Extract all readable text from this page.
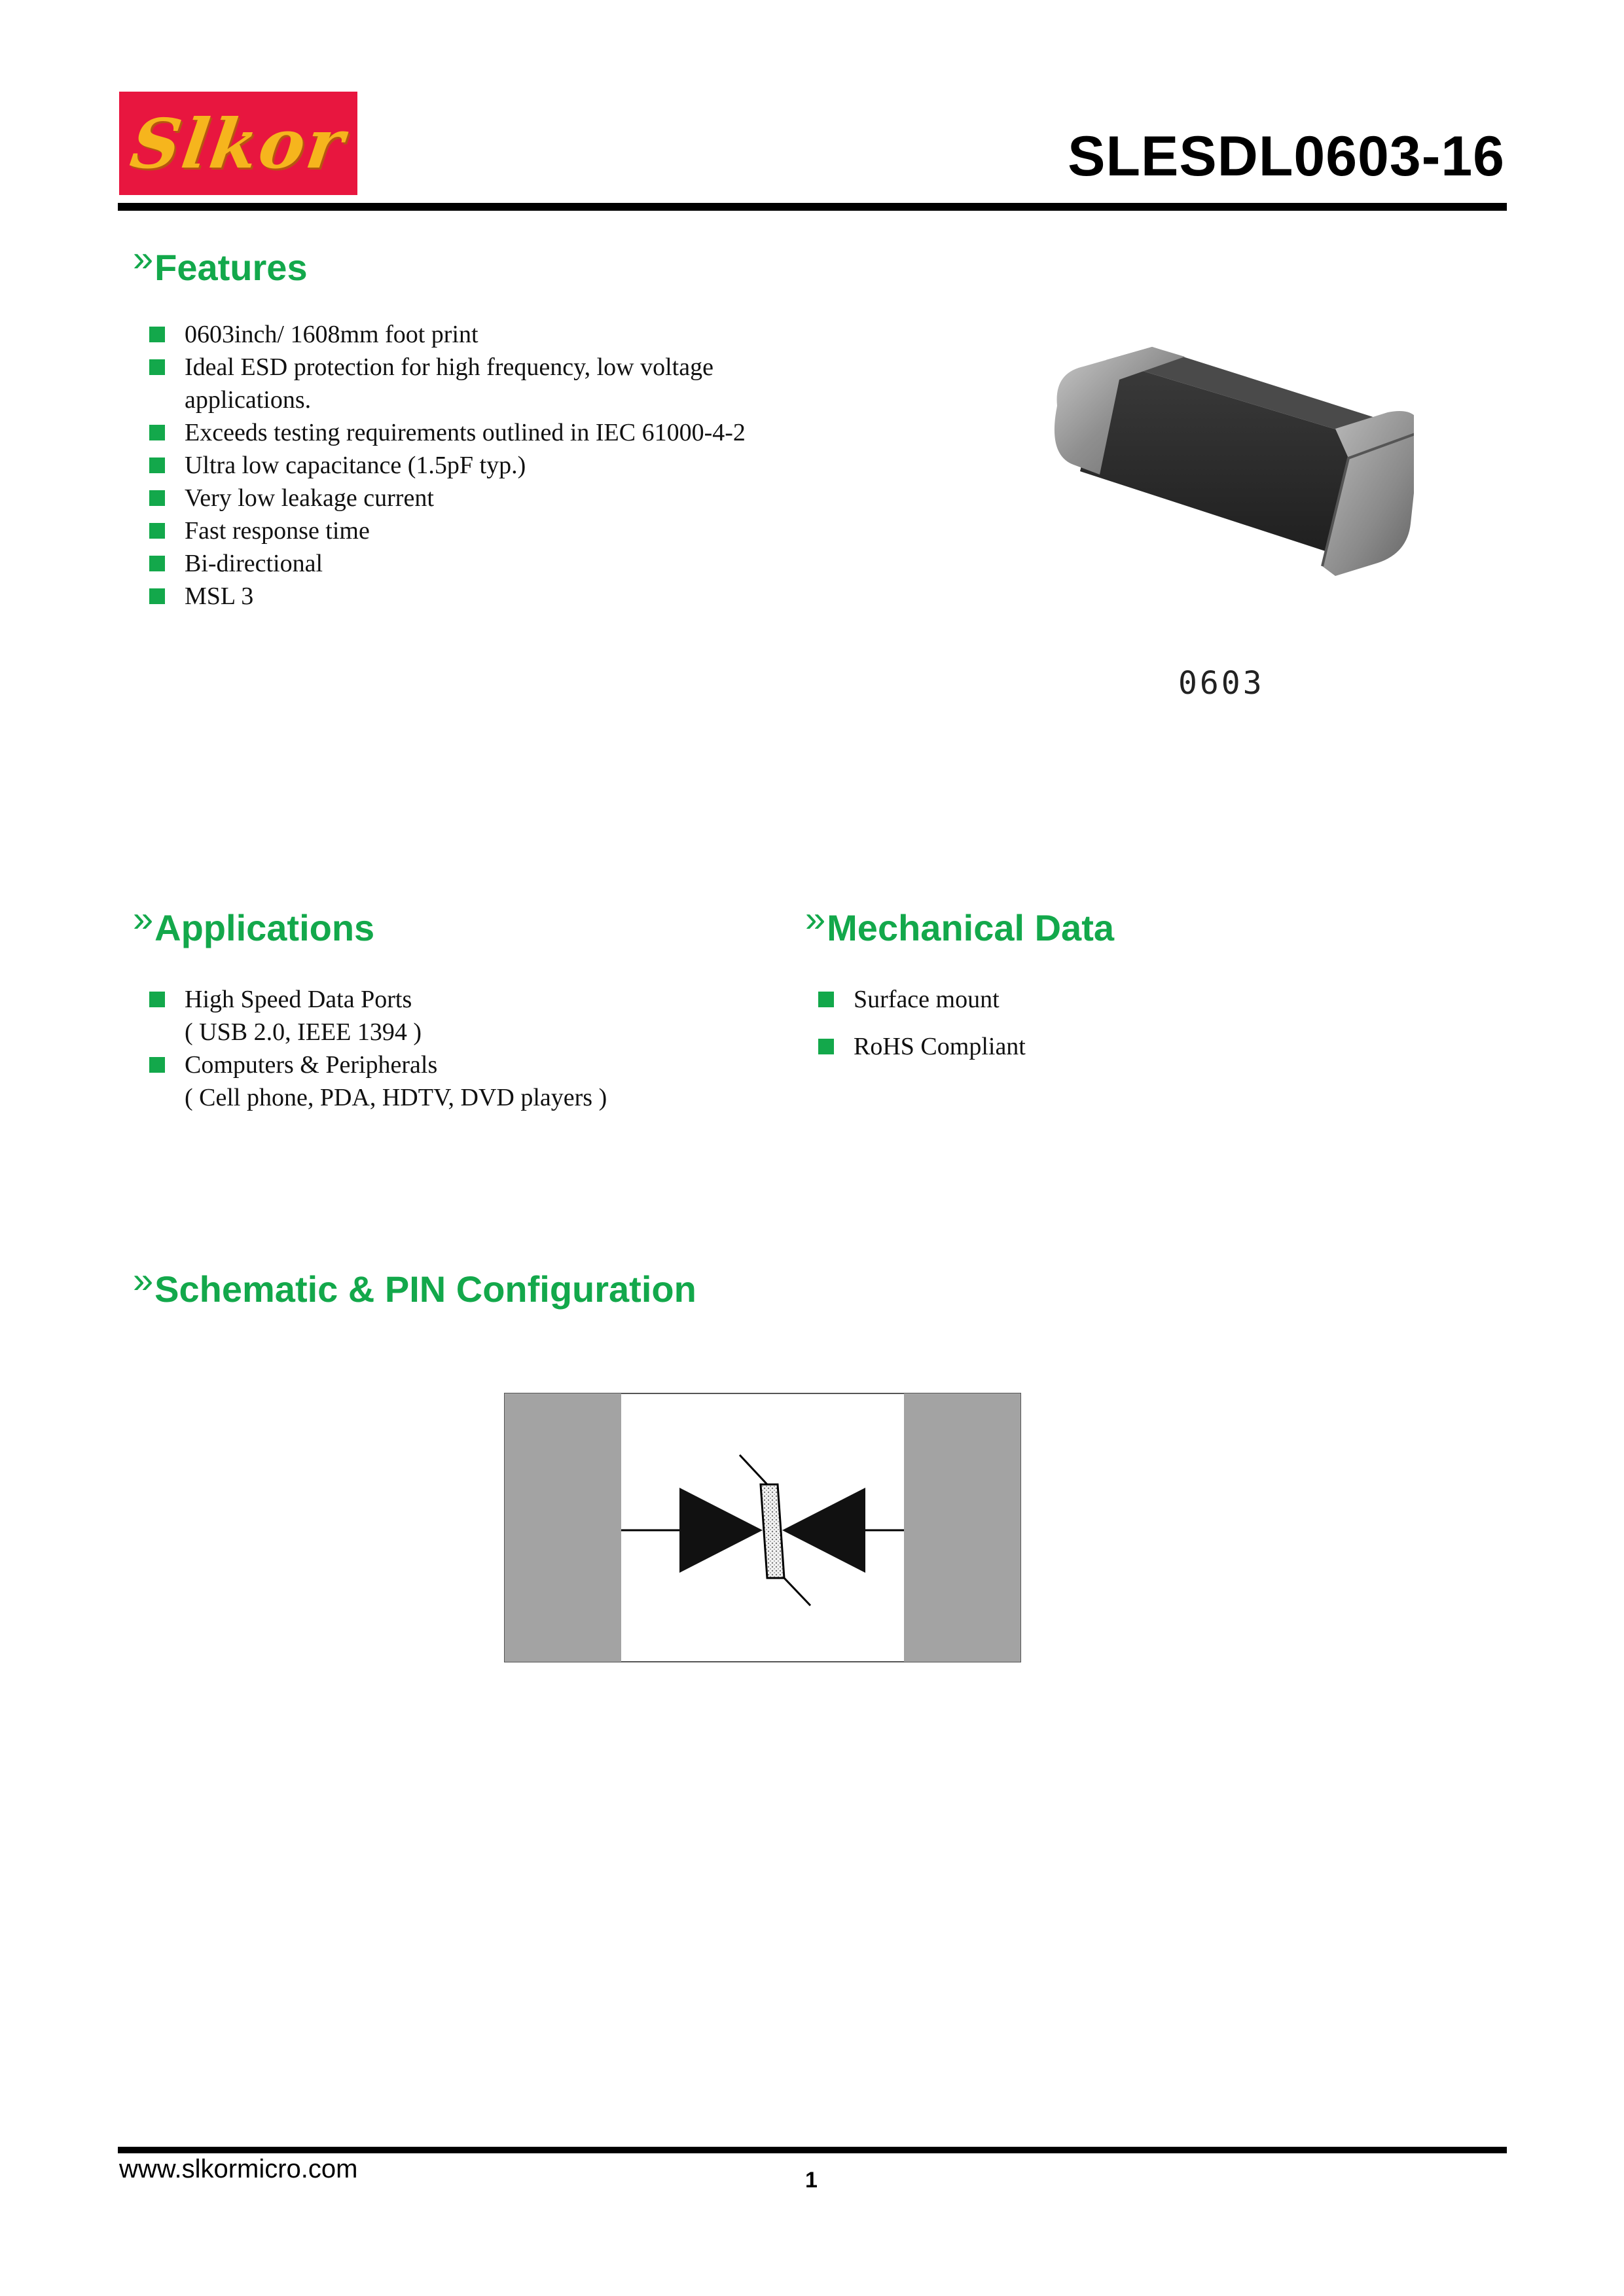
Slkor	SLESDL0603-16
»Features
0603inch/ 1608mm foot print
Ideal ESD protection for high frequency, low voltage
applications.
Exceeds testing requirements outlined in IEC 61000-4-2
Ultra low capacitance (1.5pF typ.)
Very low leakage current
Fast response time
Bi-directional
MSL 3
0603
»Applications
High Speed Data Ports
( USB 2.0, IEEE 1394 )
Computers & Peripherals
( Cell phone, PDA, HDTV, DVD players )
»Mechanical Data
Surface mount
RoHS Compliant
»Schematic & PIN Configuration
www.slkormicro.com	1
